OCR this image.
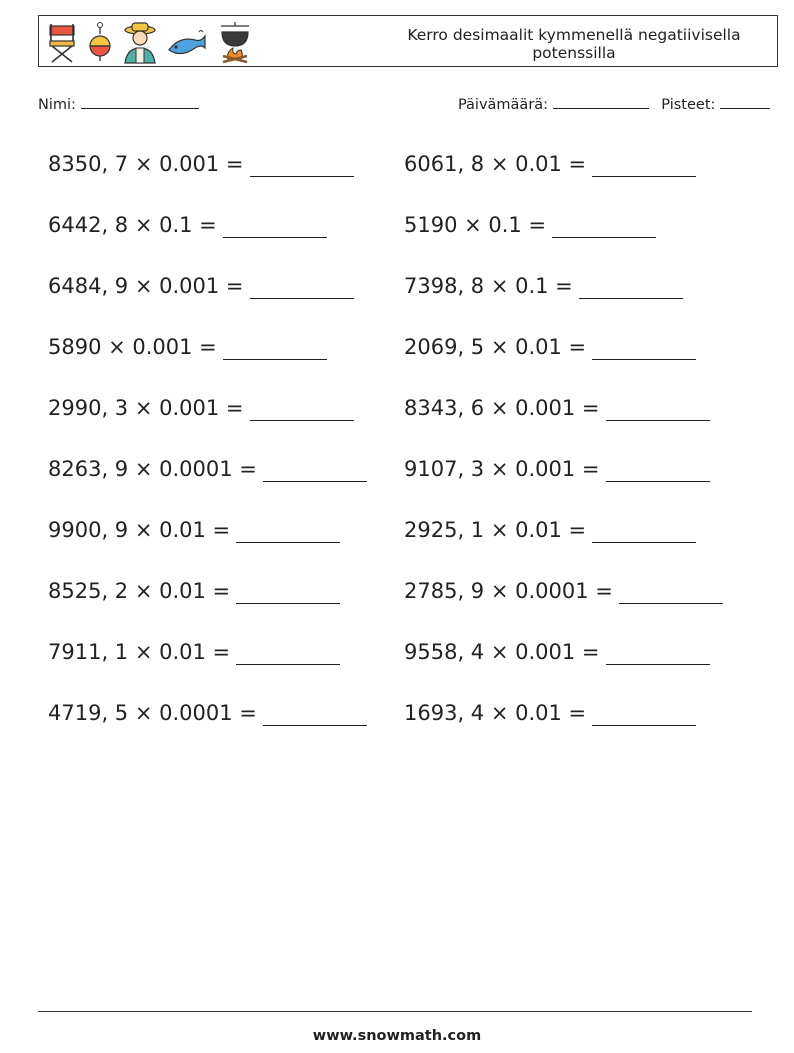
Kerro desimaalit kymmenellä negatiivisella potenssilla
Nimi:	Päivämäärä:	Pisteet:
8350, 7 × 0.001 =	6061, 8 × 0.01 =
6442, 8 × 0.1 =	5190 × 0.1 =
6484, 9 × 0.001 =	7398, 8 × 0.1 =
5890 × 0.001 =	2069, 5 × 0.01 =
2990, 3 × 0.001 =	8343, 6 × 0.001 =
8263, 9 × 0.0001 =	9107, 3 × 0.001 =
9900, 9 × 0.01 =	2925, 1 × 0.01 =
8525, 2 × 0.01 =	2785, 9 × 0.0001 =
7911, 1 × 0.01 =	9558, 4 × 0.001 =
4719, 5 × 0.0001 =	1693, 4 × 0.01 =
www.snowmath.com
